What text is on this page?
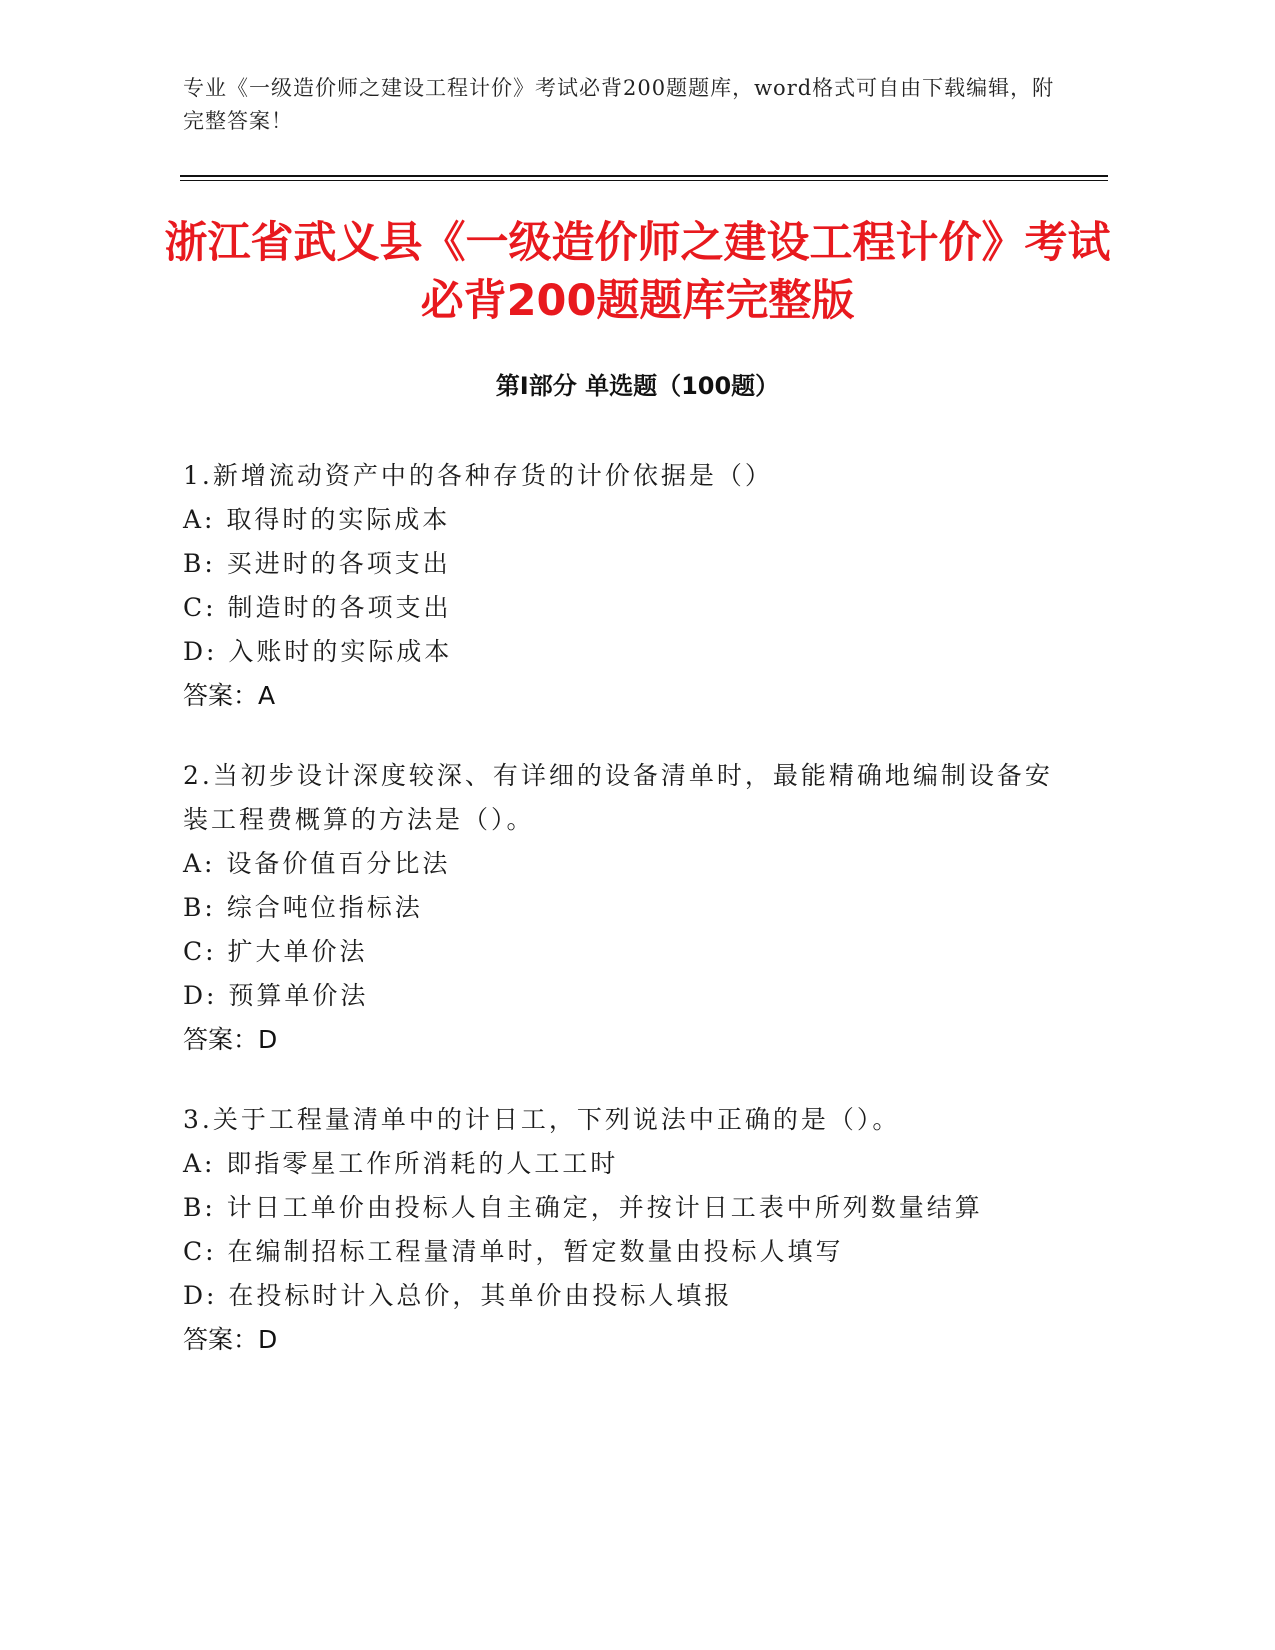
专业《一级造价师之建设工程计价》考试必背200题题库，word格式可自由下载编辑，附完整答案！
浙江省武义县《一级造价师之建设工程计价》考试必背200题题库完整版
第I部分 单选题（100题）

1.新增流动资产中的各种存货的计价依据是（）

A: 取得时的实际成本

B: 买进时的各项支出

C: 制造时的各项支出

D: 入账时的实际成本

答案：A

2.当初步设计深度较深、有详细的设备清单时，最能精确地编制设备安装工程费概算的方法是（）。

A: 设备价值百分比法

B: 综合吨位指标法

C: 扩大单价法

D: 预算单价法

答案：D

3.关于工程量清单中的计日工，下列说法中正确的是（）。

A: 即指零星工作所消耗的人工工时

B: 计日工单价由投标人自主确定，并按计日工表中所列数量结算

C: 在编制招标工程量清单时，暂定数量由投标人填写

D: 在投标时计入总价，其单价由投标人填报

答案：D
